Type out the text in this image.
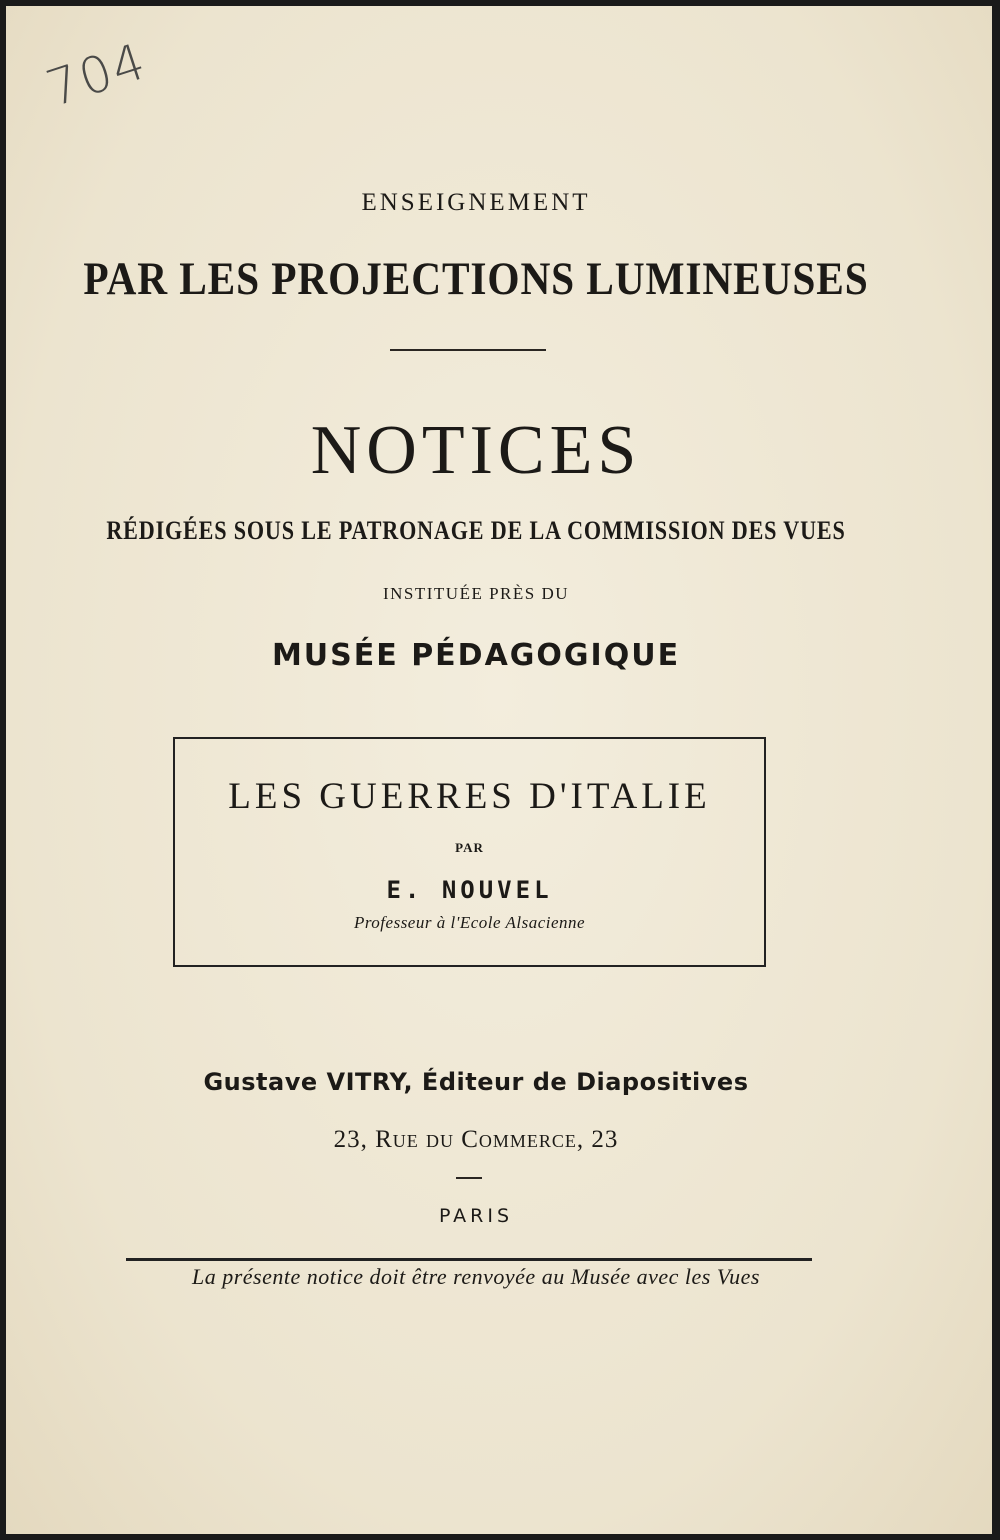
704
ENSEIGNEMENT
PAR LES PROJECTIONS LUMINEUSES
NOTICES
RÉDIGÉES SOUS LE PATRONAGE DE LA COMMISSION DES VUES
INSTITUÉE PRÈS DU
MUSÉE PÉDAGOGIQUE
LES GUERRES D'ITALIE
PAR
E. NOUVEL
Professeur à l'Ecole Alsacienne
Gustave VITRY, Éditeur de Diapositives
23, Rue du Commerce, 23
PARIS
La présente notice doit être renvoyée au Musée avec les Vues
